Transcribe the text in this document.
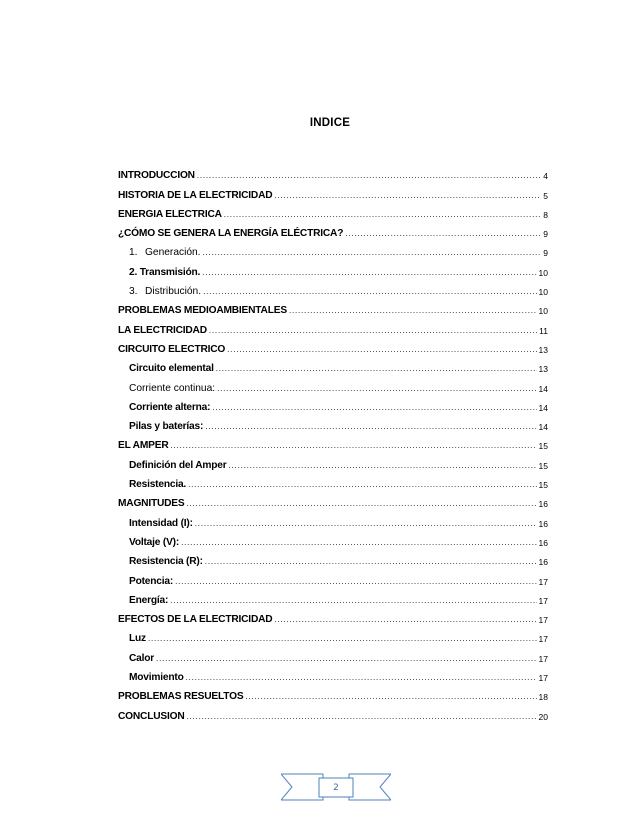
INDICE
INTRODUCCION .....	4
HISTORIA DE LA ELECTRICIDAD .....	5
ENERGIA ELECTRICA .....	8
¿CÓMO SE GENERA LA ENERGÍA ELÉCTRICA? .....	9
1. Generación. .....	9
2. Transmisión. .....	10
3. Distribución. .....	10
PROBLEMAS MEDIOAMBIENTALES .....	10
LA ELECTRICIDAD .....	11
CIRCUITO ELECTRICO .....	13
Circuito elemental .....	13
Corriente continua: .....	14
Corriente alterna: .....	14
Pilas y baterías: .....	14
EL AMPER .....	15
Definición del Amper .....	15
Resistencia. .....	15
MAGNITUDES .....	16
Intensidad (I): .....	16
Voltaje (V): .....	16
Resistencia (R): .....	16
Potencia: .....	17
Energía: .....	17
EFECTOS DE LA ELECTRICIDAD .....	17
Luz .....	17
Calor .....	17
Movimiento .....	17
PROBLEMAS RESUELTOS .....	18
CONCLUSION .....	20
2
